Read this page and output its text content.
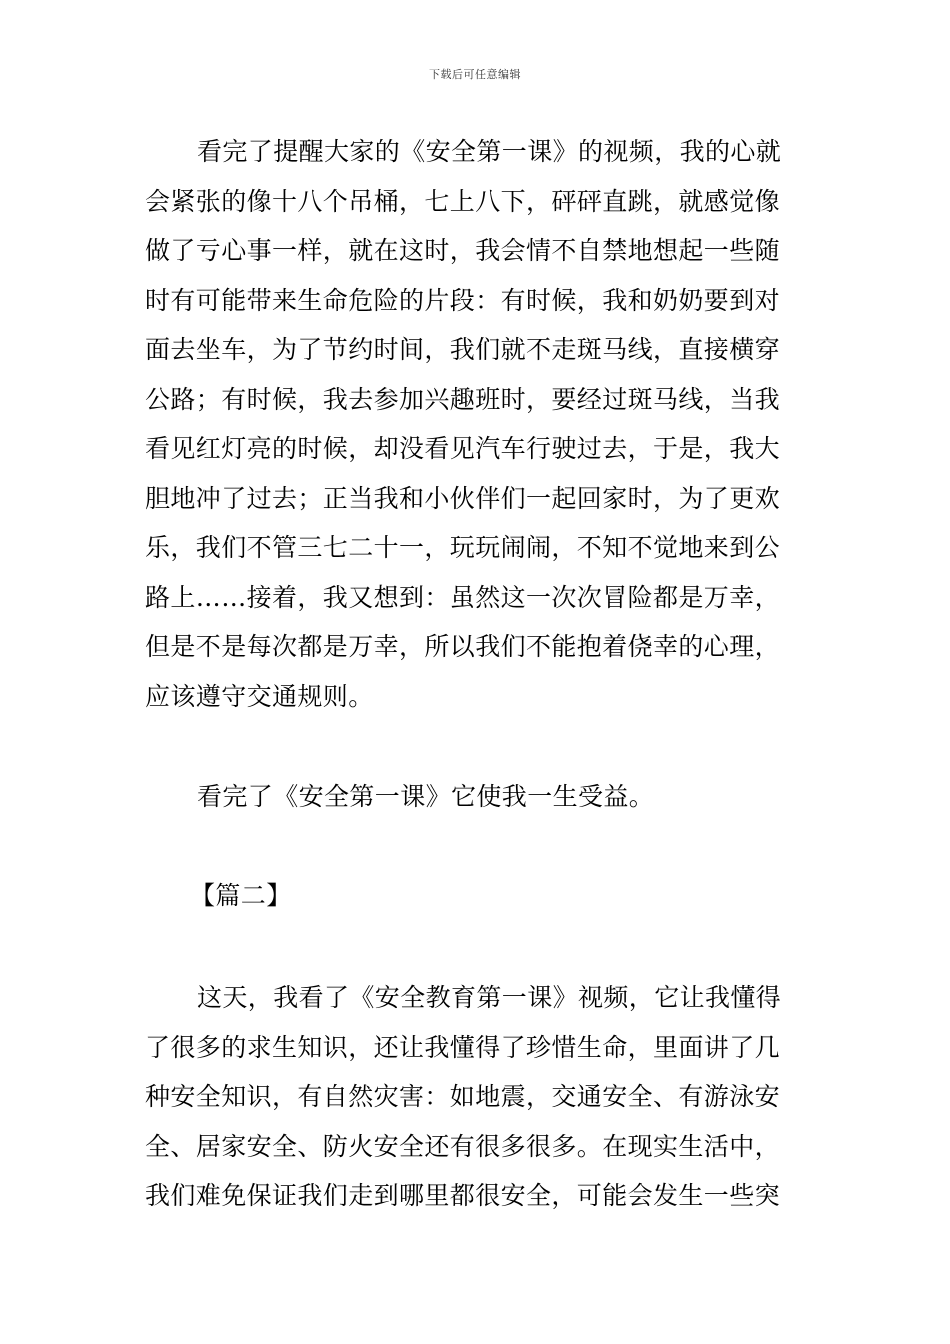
下载后可任意编辑
看完了提醒大家的《安全第一课》的视频，我的心就
会紧张的像十八个吊桶，七上八下，砰砰直跳，就感觉像
做了亏心事一样，就在这时，我会情不自禁地想起一些随
时有可能带来生命危险的片段：有时候，我和奶奶要到对
面去坐车，为了节约时间，我们就不走斑马线，直接横穿
公路；有时候，我去参加兴趣班时，要经过斑马线，当我
看见红灯亮的时候，却没看见汽车行驶过去，于是，我大
胆地冲了过去；正当我和小伙伴们一起回家时，为了更欢
乐，我们不管三七二十一，玩玩闹闹，不知不觉地来到公
路上……接着，我又想到：虽然这一次次冒险都是万幸，
但是不是每次都是万幸，所以我们不能抱着侥幸的心理，
应该遵守交通规则。
看完了《安全第一课》它使我一生受益。
【篇二】
这天，我看了《安全教育第一课》视频，它让我懂得
了很多的求生知识，还让我懂得了珍惜生命，里面讲了几
种安全知识，有自然灾害：如地震，交通安全、有游泳安
全、居家安全、防火安全还有很多很多。在现实生活中，
我们难免保证我们走到哪里都很安全，可能会发生一些突
